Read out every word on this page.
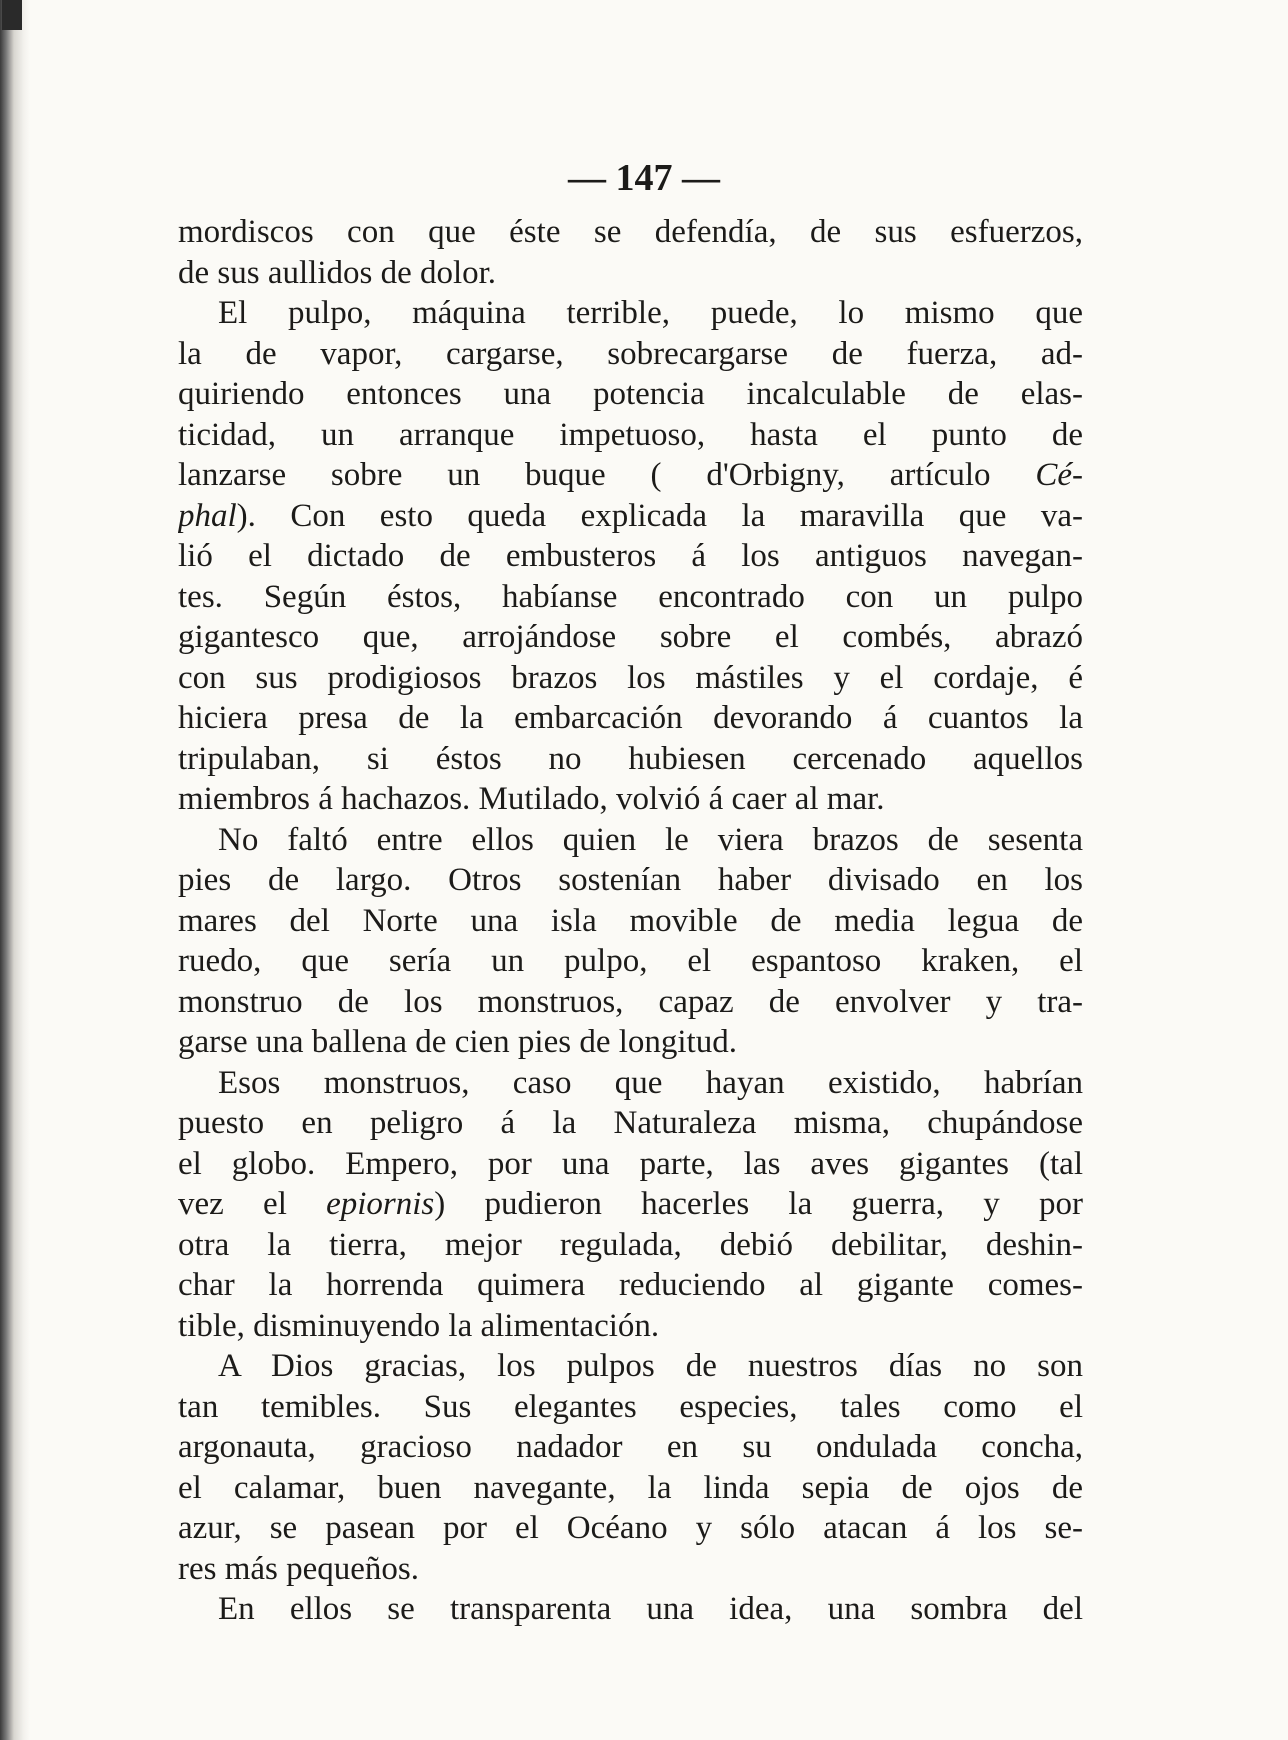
— 147 —
mordiscos con que éste se defendía, de sus esfuerzos,
de sus aullidos de dolor.
El pulpo, máquina terrible, puede, lo mismo que
la de vapor, cargarse, sobrecargarse de fuerza, ad-
quiriendo entonces una potencia incalculable de elas-
ticidad, un arranque impetuoso, hasta el punto de
lanzarse sobre un buque ( d'Orbigny, artículo Cé-
phal). Con esto queda explicada la maravilla que va-
lió el dictado de embusteros á los antiguos navegan-
tes. Según éstos, habíanse encontrado con un pulpo
gigantesco que, arrojándose sobre el combés, abrazó
con sus prodigiosos brazos los mástiles y el cordaje, é
hiciera presa de la embarcación devorando á cuantos la
tripulaban, si éstos no hubiesen cercenado aquellos
miembros á hachazos. Mutilado, volvió á caer al mar.
No faltó entre ellos quien le viera brazos de sesenta
pies de largo. Otros sostenían haber divisado en los
mares del Norte una isla movible de media legua de
ruedo, que sería un pulpo, el espantoso kraken, el
monstruo de los monstruos, capaz de envolver y tra-
garse una ballena de cien pies de longitud.
Esos monstruos, caso que hayan existido, habrían
puesto en peligro á la Naturaleza misma, chupándose
el globo. Empero, por una parte, las aves gigantes (tal
vez el epiornis) pudieron hacerles la guerra, y por
otra la tierra, mejor regulada, debió debilitar, deshin-
char la horrenda quimera reduciendo al gigante comes-
tible, disminuyendo la alimentación.
A Dios gracias, los pulpos de nuestros días no son
tan temibles. Sus elegantes especies, tales como el
argonauta, gracioso nadador en su ondulada concha,
el calamar, buen navegante, la linda sepia de ojos de
azur, se pasean por el Océano y sólo atacan á los se-
res más pequeños.
En ellos se transparenta una idea, una sombra del
